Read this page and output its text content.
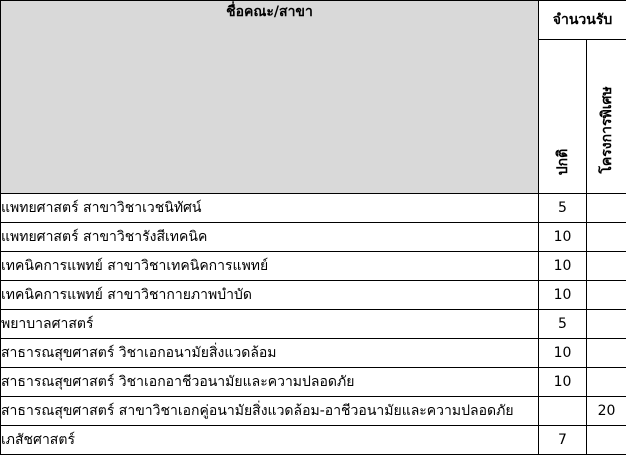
ชื่อคณะ/สาขา	จำนวนรับ	

	ปกติ	โครงการพิเศษ

แพทยศาสตร์ สาขาวิชาเวชนิทัศน์	5	
แพทยศาสตร์ สาขาวิชารังสีเทคนิค	10	
เทคนิคการแพทย์ สาขาวิชาเทคนิคการแพทย์	10	
เทคนิคการแพทย์ สาขาวิชากายภาพบำบัด	10	
พยาบาลศาสตร์	5	
สาธารณสุขศาสตร์ วิชาเอกอนามัยสิ่งแวดล้อม	10	
สาธารณสุขศาสตร์ วิชาเอกอาชีวอนามัยและความปลอดภัย	10	
สาธารณสุขศาสตร์ สาขาวิชาเอกคู่อนามัยสิ่งแวดล้อม-อาชีวอนามัยและความปลอดภัย		20
เภสัชศาสตร์	7	
